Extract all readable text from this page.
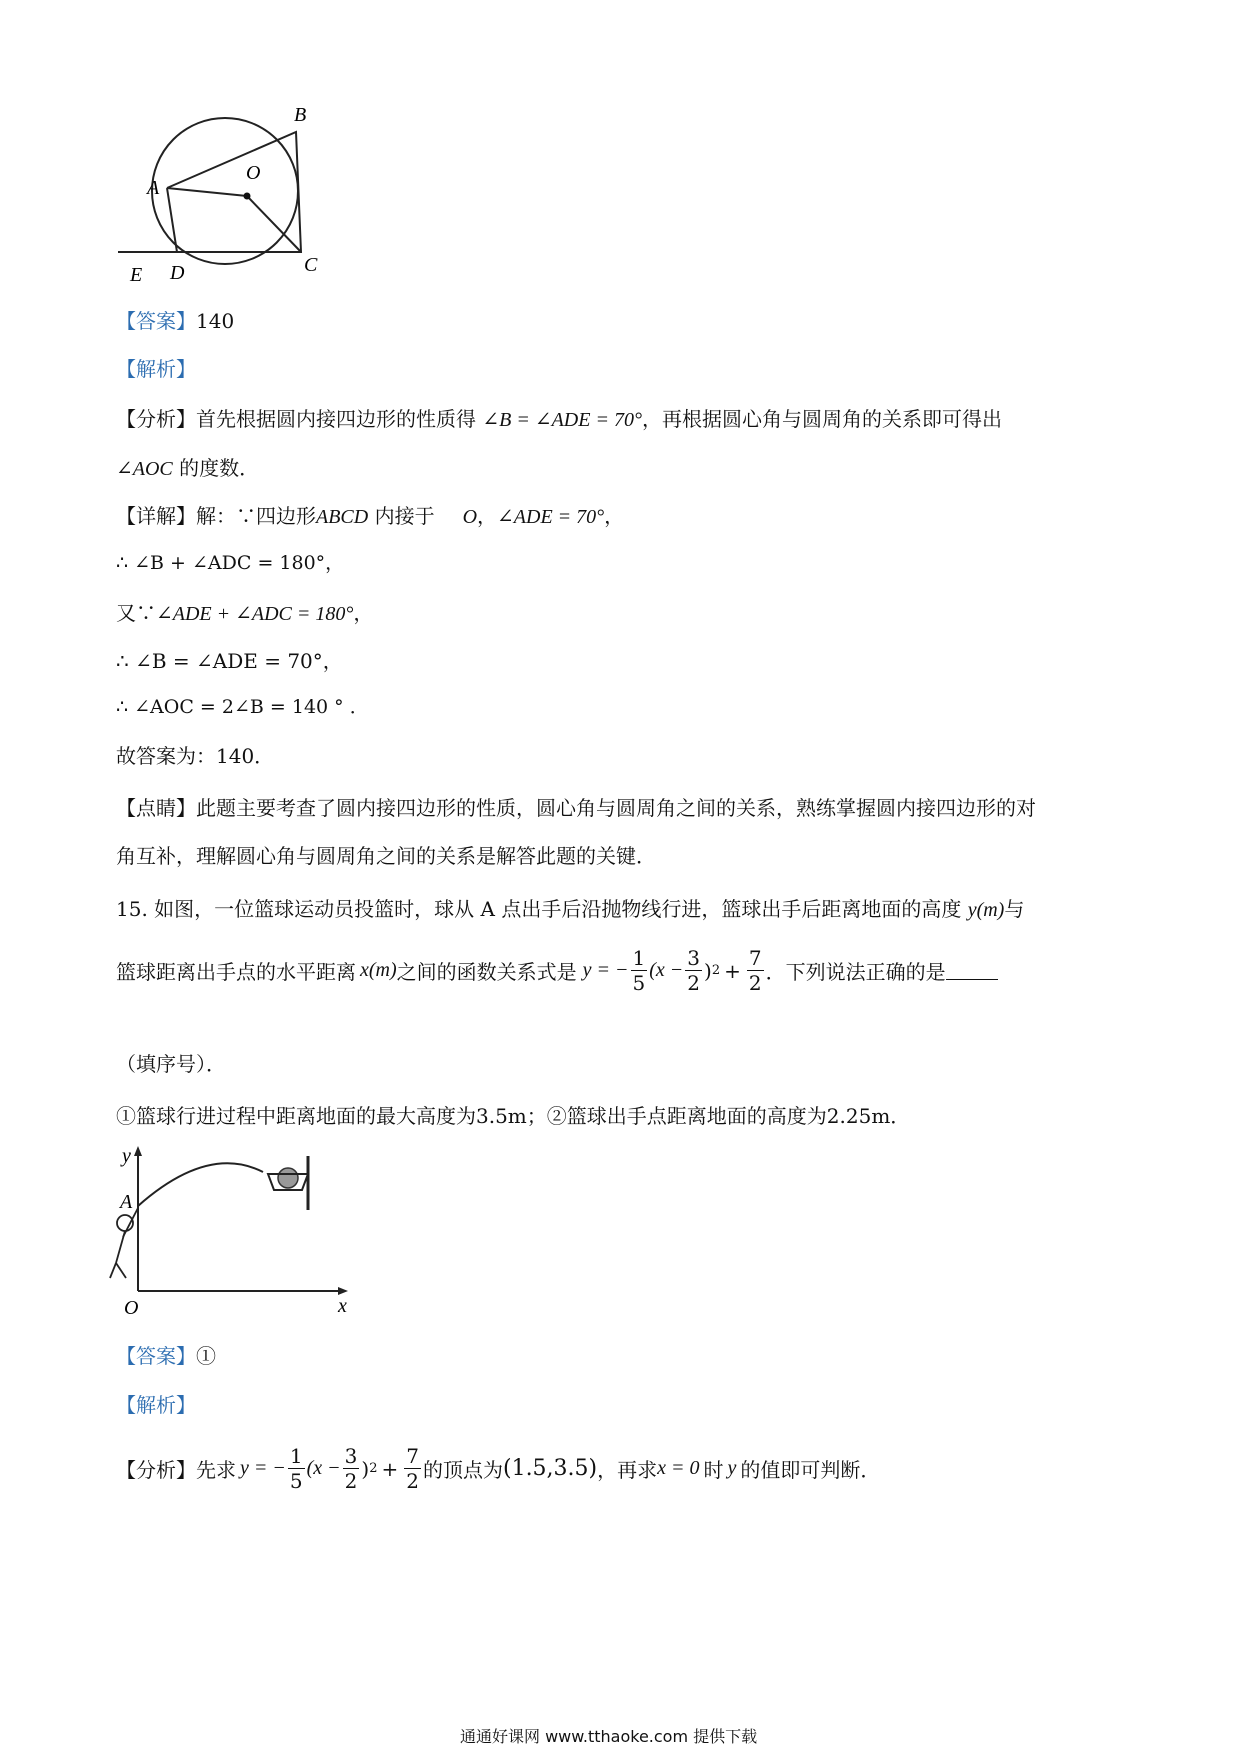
A
B
O
C
D
E
【答案】140
【解析】
【分析】首先根据圆内接四边形的性质得 ∠B = ∠ADE = 70°，再根据圆心角与圆周角的关系即可得出
∠AOC 的度数．
【详解】解：∵四边形ABCD 内接于 O，∠ADE = 70°，
∴ ∠B + ∠ADC = 180°，
又∵∠ADE + ∠ADC = 180°，
∴ ∠B = ∠ADE = 70°，
∴ ∠AOC = 2∠B = 140 ° ．
故答案为：140．
【点睛】此题主要考查了圆内接四边形的性质，圆心角与圆周角之间的关系，熟练掌握圆内接四边形的对
角互补，理解圆心角与圆周角之间的关系是解答此题的关键．
15. 如图，一位篮球运动员投篮时，球从 A 点出手后沿抛物线行进，篮球出手后距离地面的高度 y(m)与
篮球距离出手点的水平距离 x(m) 之间的函数关系式是 y = − $\frac{1}{5} (x - \frac{3}{2}$ ) $2 + \frac{7}{2}$ ．下列说法正确的是
（填序号）．
①篮球行进过程中距离地面的最大高度为3.5m；②篮球出手点距离地面的高度为2.25m．
y
A
O	x
【答案】①
【解析】
【分析】 先求 y = − $\frac{1}{5} (x - \frac{3}{2}$ ) $2 + \frac{7}{2}$ 的顶点为 (1.5,3.5) ，再求 x = 0 时 y 的值即可判断．
通通好课网 www.tthaoke.com 提供下载
